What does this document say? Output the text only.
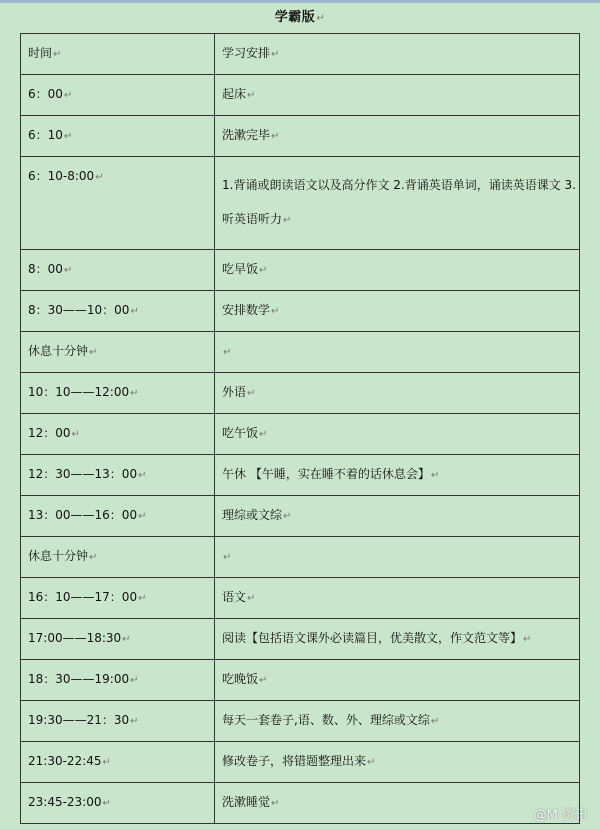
学霸版↵
时间↵	学习安排↵
6：00↵	起床↵
6：10↵	洗漱完毕↵
6：10-8:00↵	1.背诵或朗读语文以及高分作文 2.背诵英语单词，诵读英语课文 3.听英语听力↵
8：00↵	吃早饭↵
8：30——10：00↵	安排数学↵
休息十分钟↵	↵
10：10——12:00↵	外语↵
12：00↵	吃午饭↵
12：30——13：00↵	午休 【午睡，实在睡不着的话休息会】↵
13：00——16：00↵	理综或文综↵
休息十分钟↵	↵
16：10——17：00↵	语文↵
17:00——18:30↵	阅读【包括语文课外必读篇目，优美散文，作文范文等】↵
18：30——19:00↵	吃晚饭↵
19:30——21：30↵	每天一套卷子,语、数、外、理综或文综↵
21:30-22:45↵	修改卷子，将错题整理出来↵
23:45-23:00↵	洗漱睡觉↵
@M 资讯
